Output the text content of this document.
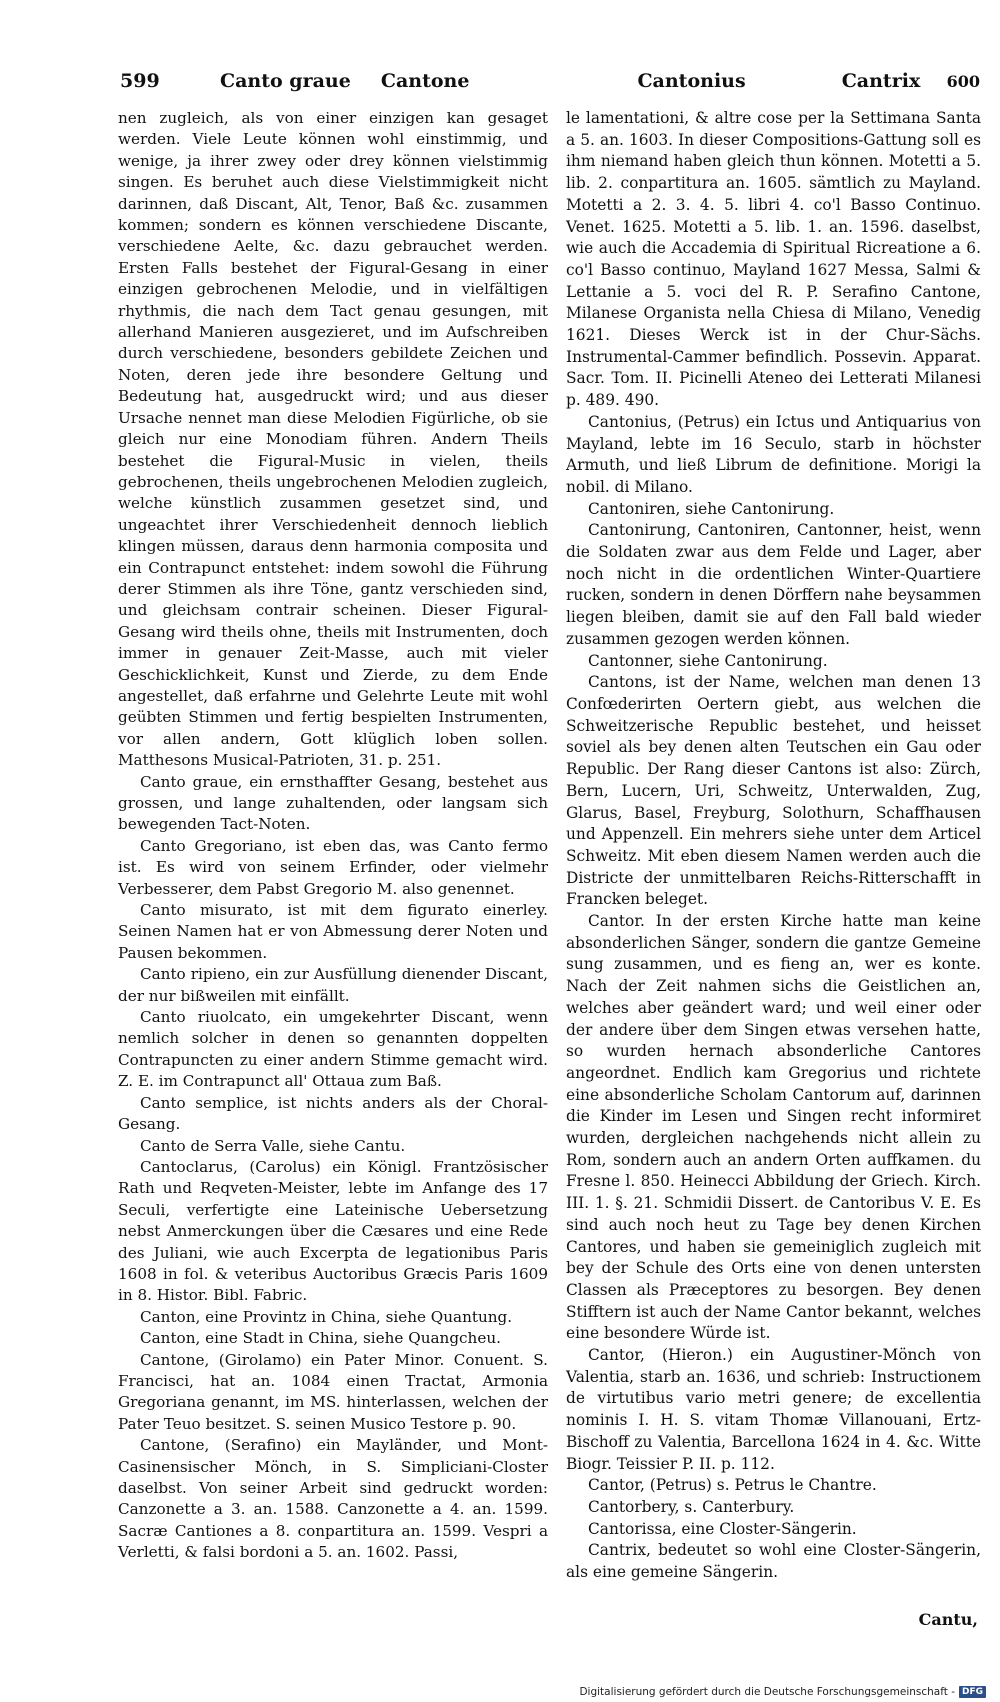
599	Canto graue Cantone	Cantonius	Cantrix 600

nen zugleich, als von einer einzigen kan gesaget werden. Viele Leute können wohl einstimmig, und wenige, ja ihrer zwey oder drey können vielstimmig singen. Es beruhet auch diese Vielstimmigkeit nicht darinnen, daß Discant, Alt, Tenor, Baß &c. zusammen kommen; sondern es können verschiedene Discante, verschiedene Aelte, &c. dazu gebrauchet werden. Ersten Falls bestehet der Figural-Gesang in einer einzigen gebrochenen Melodie, und in vielfältigen rhythmis, die nach dem Tact genau gesungen, mit allerhand Manieren ausgezieret, und im Aufschreiben durch verschiedene, besonders gebildete Zeichen und Noten, deren jede ihre besondere Geltung und Bedeutung hat, ausgedruckt wird; und aus dieser Ursache nennet man diese Melodien Figürliche, ob sie gleich nur eine Monodiam führen. Andern Theils bestehet die Figural-Music in vielen, theils gebrochenen, theils ungebrochenen Melodien zugleich, welche künstlich zusammen gesetzet sind, und ungeachtet ihrer Verschiedenheit dennoch lieblich klingen müssen, daraus denn harmonia composita und ein Contrapunct entstehet: indem sowohl die Führung derer Stimmen als ihre Töne, gantz verschieden sind, und gleichsam contrair scheinen. Dieser Figural-Gesang wird theils ohne, theils mit Instrumenten, doch immer in genauer Zeit-Masse, auch mit vieler Geschicklichkeit, Kunst und Zierde, zu dem Ende angestellet, daß erfahrne und Gelehrte Leute mit wohl geübten Stimmen und fertig bespielten Instrumenten, vor allen andern, Gott klüglich loben sollen. Matthesons Musical-Patrioten, 31. p. 251.

Canto graue, ein ernsthaffter Gesang, bestehet aus grossen, und lange zuhaltenden, oder langsam sich bewegenden Tact-Noten.

Canto Gregoriano, ist eben das, was Canto fermo ist. Es wird von seinem Erfinder, oder vielmehr Verbesserer, dem Pabst Gregorio M. also genennet.

Canto misurato, ist mit dem figurato einerley. Seinen Namen hat er von Abmessung derer Noten und Pausen bekommen.

Canto ripieno, ein zur Ausfüllung dienender Discant, der nur bißweilen mit einfällt.

Canto riuolcato, ein umgekehrter Discant, wenn nemlich solcher in denen so genannten doppelten Contrapuncten zu einer andern Stimme gemacht wird. Z. E. im Contrapunct all' Ottaua zum Baß.

Canto semplice, ist nichts anders als der Choral-Gesang.

Canto de Serra Valle, siehe Cantu.

Cantoclarus, (Carolus) ein Königl. Frantzösischer Rath und Reqveten-Meister, lebte im Anfange des 17 Seculi, verfertigte eine Lateinische Uebersetzung nebst Anmerckungen über die Cæsares und eine Rede des Juliani, wie auch Excerpta de legationibus Paris 1608 in fol. & veteribus Auctoribus Græcis Paris 1609 in 8. Histor. Bibl. Fabric.

Canton, eine Provintz in China, siehe Quantung.

Canton, eine Stadt in China, siehe Quangcheu.

Cantone, (Girolamo) ein Pater Minor. Conuent. S. Francisci, hat an. 1084 einen Tractat, Armonia Gregoriana genannt, im MS. hinterlassen, welchen der Pater Teuo besitzet. S. seinen Musico Testore p. 90.

Cantone, (Serafino) ein Mayländer, und Mont-Casinensischer Mönch, in S. Simpliciani-Closter daselbst. Von seiner Arbeit sind gedruckt worden: Canzonette a 3. an. 1588. Canzonette a 4. an. 1599. Sacræ Cantiones a 8. conpartitura an. 1599. Vespri a Verletti, & falsi bordoni a 5. an. 1602. Passi,

le lamentationi, & altre cose per la Settimana Santa a 5. an. 1603. In dieser Compositions-Gattung soll es ihm niemand haben gleich thun können. Motetti a 5. lib. 2. conpartitura an. 1605. sämtlich zu Mayland. Motetti a 2. 3. 4. 5. libri 4. co'l Basso Continuo. Venet. 1625. Motetti a 5. lib. 1. an. 1596. daselbst, wie auch die Accademia di Spiritual Ricreatione a 6. co'l Basso continuo, Mayland 1627 Messa, Salmi & Lettanie a 5. voci del R. P. Serafino Cantone, Milanese Organista nella Chiesa di Milano, Venedig 1621. Dieses Werck ist in der Chur-Sächs. Instrumental-Cammer befindlich. Possevin. Apparat. Sacr. Tom. II. Picinelli Ateneo dei Letterati Milanesi p. 489. 490.

Cantonius, (Petrus) ein Ictus und Antiquarius von Mayland, lebte im 16 Seculo, starb in höchster Armuth, und ließ Librum de definitione. Morigi la nobil. di Milano.

Cantoniren, siehe Cantonirung.

Cantonirung, Cantoniren, Cantonner, heist, wenn die Soldaten zwar aus dem Felde und Lager, aber noch nicht in die ordentlichen Winter-Quartiere rucken, sondern in denen Dörffern nahe beysammen liegen bleiben, damit sie auf den Fall bald wieder zusammen gezogen werden können.

Cantonner, siehe Cantonirung.

Cantons, ist der Name, welchen man denen 13 Confœderirten Oertern giebt, aus welchen die Schweitzerische Republic bestehet, und heisset soviel als bey denen alten Teutschen ein Gau oder Republic. Der Rang dieser Cantons ist also: Zürch, Bern, Lucern, Uri, Schweitz, Unterwalden, Zug, Glarus, Basel, Freyburg, Solothurn, Schaffhausen und Appenzell. Ein mehrers siehe unter dem Articel Schweitz. Mit eben diesem Namen werden auch die Districte der unmittelbaren Reichs-Ritterschafft in Francken beleget.

Cantor. In der ersten Kirche hatte man keine absonderlichen Sänger, sondern die gantze Gemeine sung zusammen, und es fieng an, wer es konte. Nach der Zeit nahmen sichs die Geistlichen an, welches aber geändert ward; und weil einer oder der andere über dem Singen etwas versehen hatte, so wurden hernach absonderliche Cantores angeordnet. Endlich kam Gregorius und richtete eine absonderliche Scholam Cantorum auf, darinnen die Kinder im Lesen und Singen recht informiret wurden, dergleichen nachgehends nicht allein zu Rom, sondern auch an andern Orten auffkamen. du Fresne l. 850. Heinecci Abbildung der Griech. Kirch. III. 1. §. 21. Schmidii Dissert. de Cantoribus V. E. Es sind auch noch heut zu Tage bey denen Kirchen Cantores, und haben sie gemeiniglich zugleich mit bey der Schule des Orts eine von denen untersten Classen als Præceptores zu besorgen. Bey denen Stifftern ist auch der Name Cantor bekannt, welches eine besondere Würde ist.

Cantor, (Hieron.) ein Augustiner-Mönch von Valentia, starb an. 1636, und schrieb: Instructionem de virtutibus vario metri genere; de excellentia nominis I. H. S. vitam Thomæ Villanouani, Ertz-Bischoff zu Valentia, Barcellona 1624 in 4. &c. Witte Biogr. Teissier P. II. p. 112.

Cantor, (Petrus) s. Petrus le Chantre.

Cantorbery, s. Canterbury.

Cantorissa, eine Closter-Sängerin.

Cantrix, bedeutet so wohl eine Closter-Sängerin, als eine gemeine Sängerin.

Cantu,
Digitalisierung gefördert durch die Deutsche Forschungsgemeinschaft - DFG
